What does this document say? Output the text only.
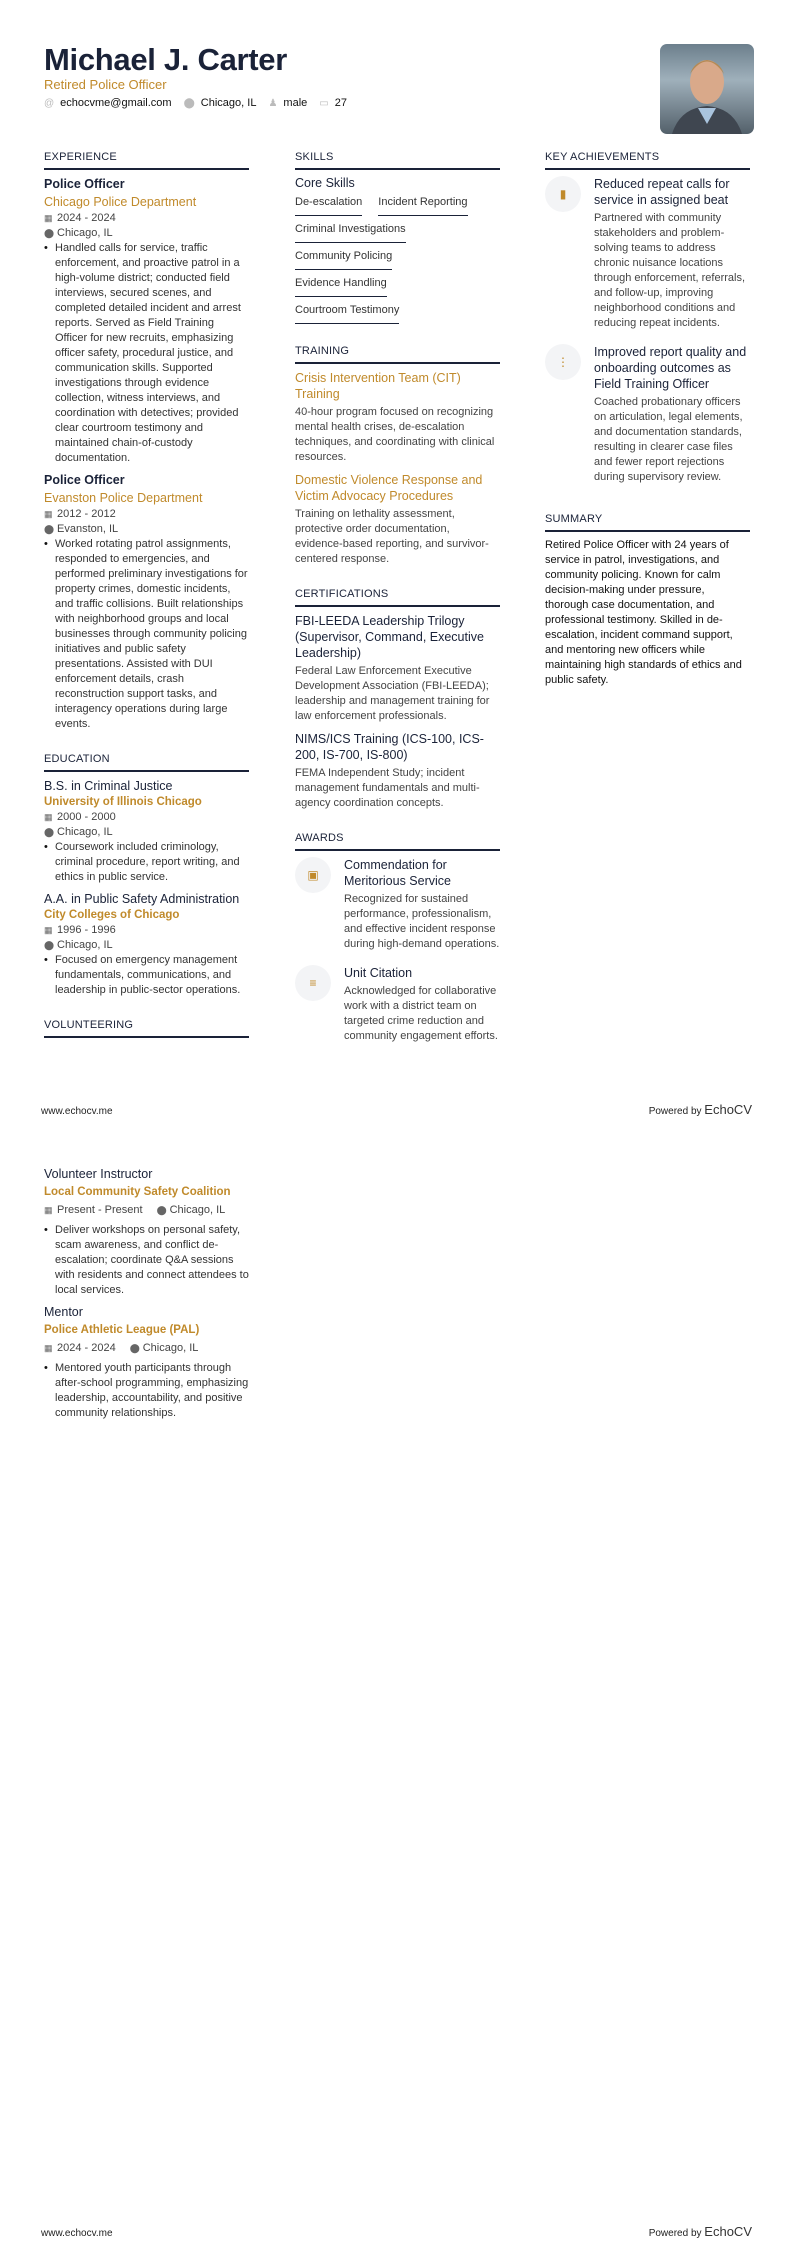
Michael J. Carter
Retired Police Officer
@ echocvme@gmail.com ⬤ Chicago, IL ♟ male ▭ 27
EXPERIENCE
Police Officer
Chicago Police Department
▦ 2024 - 2024
⬤ Chicago, IL
• Handled calls for service, traffic enforcement, and proactive patrol in a high-volume district; conducted field interviews, secured scenes, and completed detailed incident and arrest reports. Served as Field Training Officer for new recruits, emphasizing officer safety, procedural justice, and communication skills. Supported investigations through evidence collection, witness interviews, and coordination with detectives; provided clear courtroom testimony and maintained chain-of-custody documentation.
Police Officer
Evanston Police Department
▦ 2012 - 2012
⬤ Evanston, IL
• Worked rotating patrol assignments, responded to emergencies, and performed preliminary investigations for property crimes, domestic incidents, and traffic collisions. Built relationships with neighborhood groups and local businesses through community policing initiatives and public safety presentations. Assisted with DUI enforcement details, crash reconstruction support tasks, and interagency operations during large events.
EDUCATION
B.S. in Criminal Justice
University of Illinois Chicago
▦ 2000 - 2000
⬤ Chicago, IL
• Coursework included criminology, criminal procedure, report writing, and ethics in public service.
A.A. in Public Safety Administration
City Colleges of Chicago
▦ 1996 - 1996
⬤ Chicago, IL
• Focused on emergency management fundamentals, communications, and leadership in public-sector operations.
VOLUNTEERING
SKILLS
Core Skills
De-escalation Incident Reporting
Criminal Investigations
Community Policing
Evidence Handling
Courtroom Testimony
TRAINING
Crisis Intervention Team (CIT) Training
40-hour program focused on recognizing mental health crises, de-escalation techniques, and coordinating with clinical resources.
Domestic Violence Response and Victim Advocacy Procedures
Training on lethality assessment, protective order documentation, evidence-based reporting, and survivor-centered response.
CERTIFICATIONS
FBI-LEEDA Leadership Trilogy (Supervisor, Command, Executive Leadership)
Federal Law Enforcement Executive Development Association (FBI-LEEDA); leadership and management training for law enforcement professionals.
NIMS/ICS Training (ICS-100, ICS-200, IS-700, IS-800)
FEMA Independent Study; incident management fundamentals and multi-agency coordination concepts.
AWARDS
▣
Commendation for Meritorious Service
Recognized for sustained performance, professionalism, and effective incident response during high-demand operations.
≡
Unit Citation
Acknowledged for collaborative work with a district team on targeted crime reduction and community engagement efforts.
KEY ACHIEVEMENTS
▮
Reduced repeat calls for service in assigned beat
Partnered with community stakeholders and problem-solving teams to address chronic nuisance locations through enforcement, referrals, and follow-up, improving neighborhood conditions and reducing repeat incidents.
⋮
Improved report quality and onboarding outcomes as Field Training Officer
Coached probationary officers on articulation, legal elements, and documentation standards, resulting in clearer case files and fewer report rejections during supervisory review.
SUMMARY
Retired Police Officer with 24 years of service in patrol, investigations, and community policing. Known for calm decision-making under pressure, thorough case documentation, and professional testimony. Skilled in de-escalation, incident command support, and mentoring new officers while maintaining high standards of ethics and public safety.
www.echocv.me	Powered by EchoCV
Volunteer Instructor
Local Community Safety Coalition
▦ Present - Present ⬤ Chicago, IL
• Deliver workshops on personal safety, scam awareness, and conflict de-escalation; coordinate Q&A sessions with residents and connect attendees to local services.
Mentor
Police Athletic League (PAL)
▦ 2024 - 2024 ⬤ Chicago, IL
• Mentored youth participants through after-school programming, emphasizing leadership, accountability, and positive community relationships.
www.echocv.me	Powered by EchoCV
